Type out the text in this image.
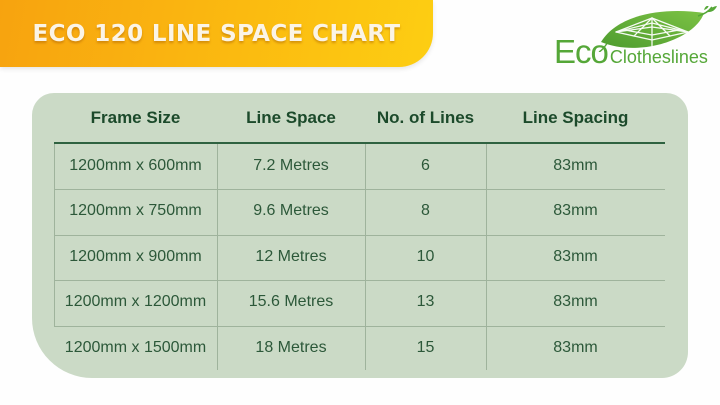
ECO 120 LINE SPACE CHART	Eco Clotheslines
Frame Size	Line Space	No. of Lines	Line Spacing
1200mm x 600mm	7.2 Metres	6	83mm
1200mm x 750mm	9.6 Metres	8	83mm
1200mm x 900mm	12 Metres	10	83mm
1200mm x 1200mm	15.6 Metres	13	83mm
1200mm x 1500mm	18 Metres	15	83mm
